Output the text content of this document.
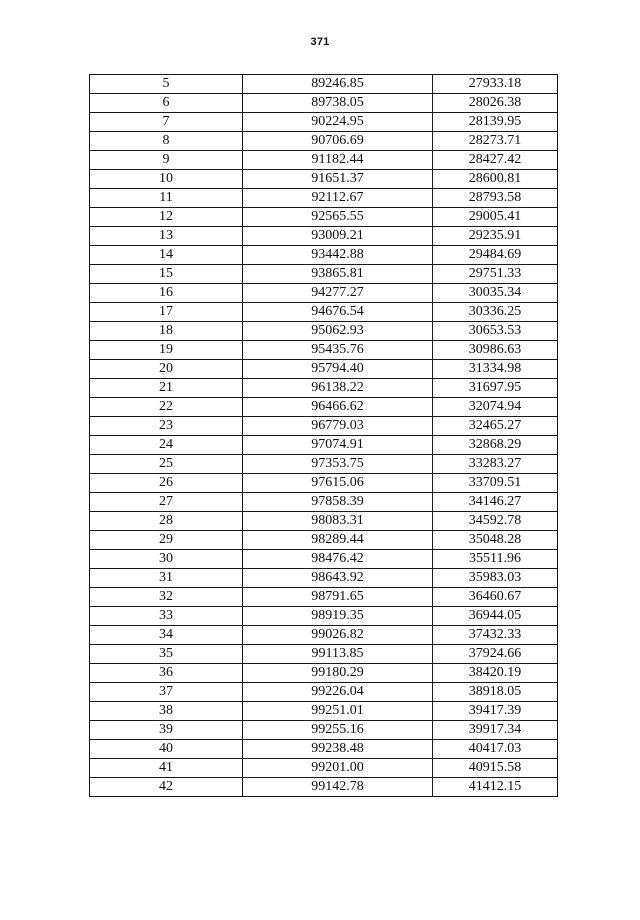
371
5	89246.85	27933.18
6	89738.05	28026.38
7	90224.95	28139.95
8	90706.69	28273.71
9	91182.44	28427.42
10	91651.37	28600.81
11	92112.67	28793.58
12	92565.55	29005.41
13	93009.21	29235.91
14	93442.88	29484.69
15	93865.81	29751.33
16	94277.27	30035.34
17	94676.54	30336.25
18	95062.93	30653.53
19	95435.76	30986.63
20	95794.40	31334.98
21	96138.22	31697.95
22	96466.62	32074.94
23	96779.03	32465.27
24	97074.91	32868.29
25	97353.75	33283.27
26	97615.06	33709.51
27	97858.39	34146.27
28	98083.31	34592.78
29	98289.44	35048.28
30	98476.42	35511.96
31	98643.92	35983.03
32	98791.65	36460.67
33	98919.35	36944.05
34	99026.82	37432.33
35	99113.85	37924.66
36	99180.29	38420.19
37	99226.04	38918.05
38	99251.01	39417.39
39	99255.16	39917.34
40	99238.48	40417.03
41	99201.00	40915.58
42	99142.78	41412.15
